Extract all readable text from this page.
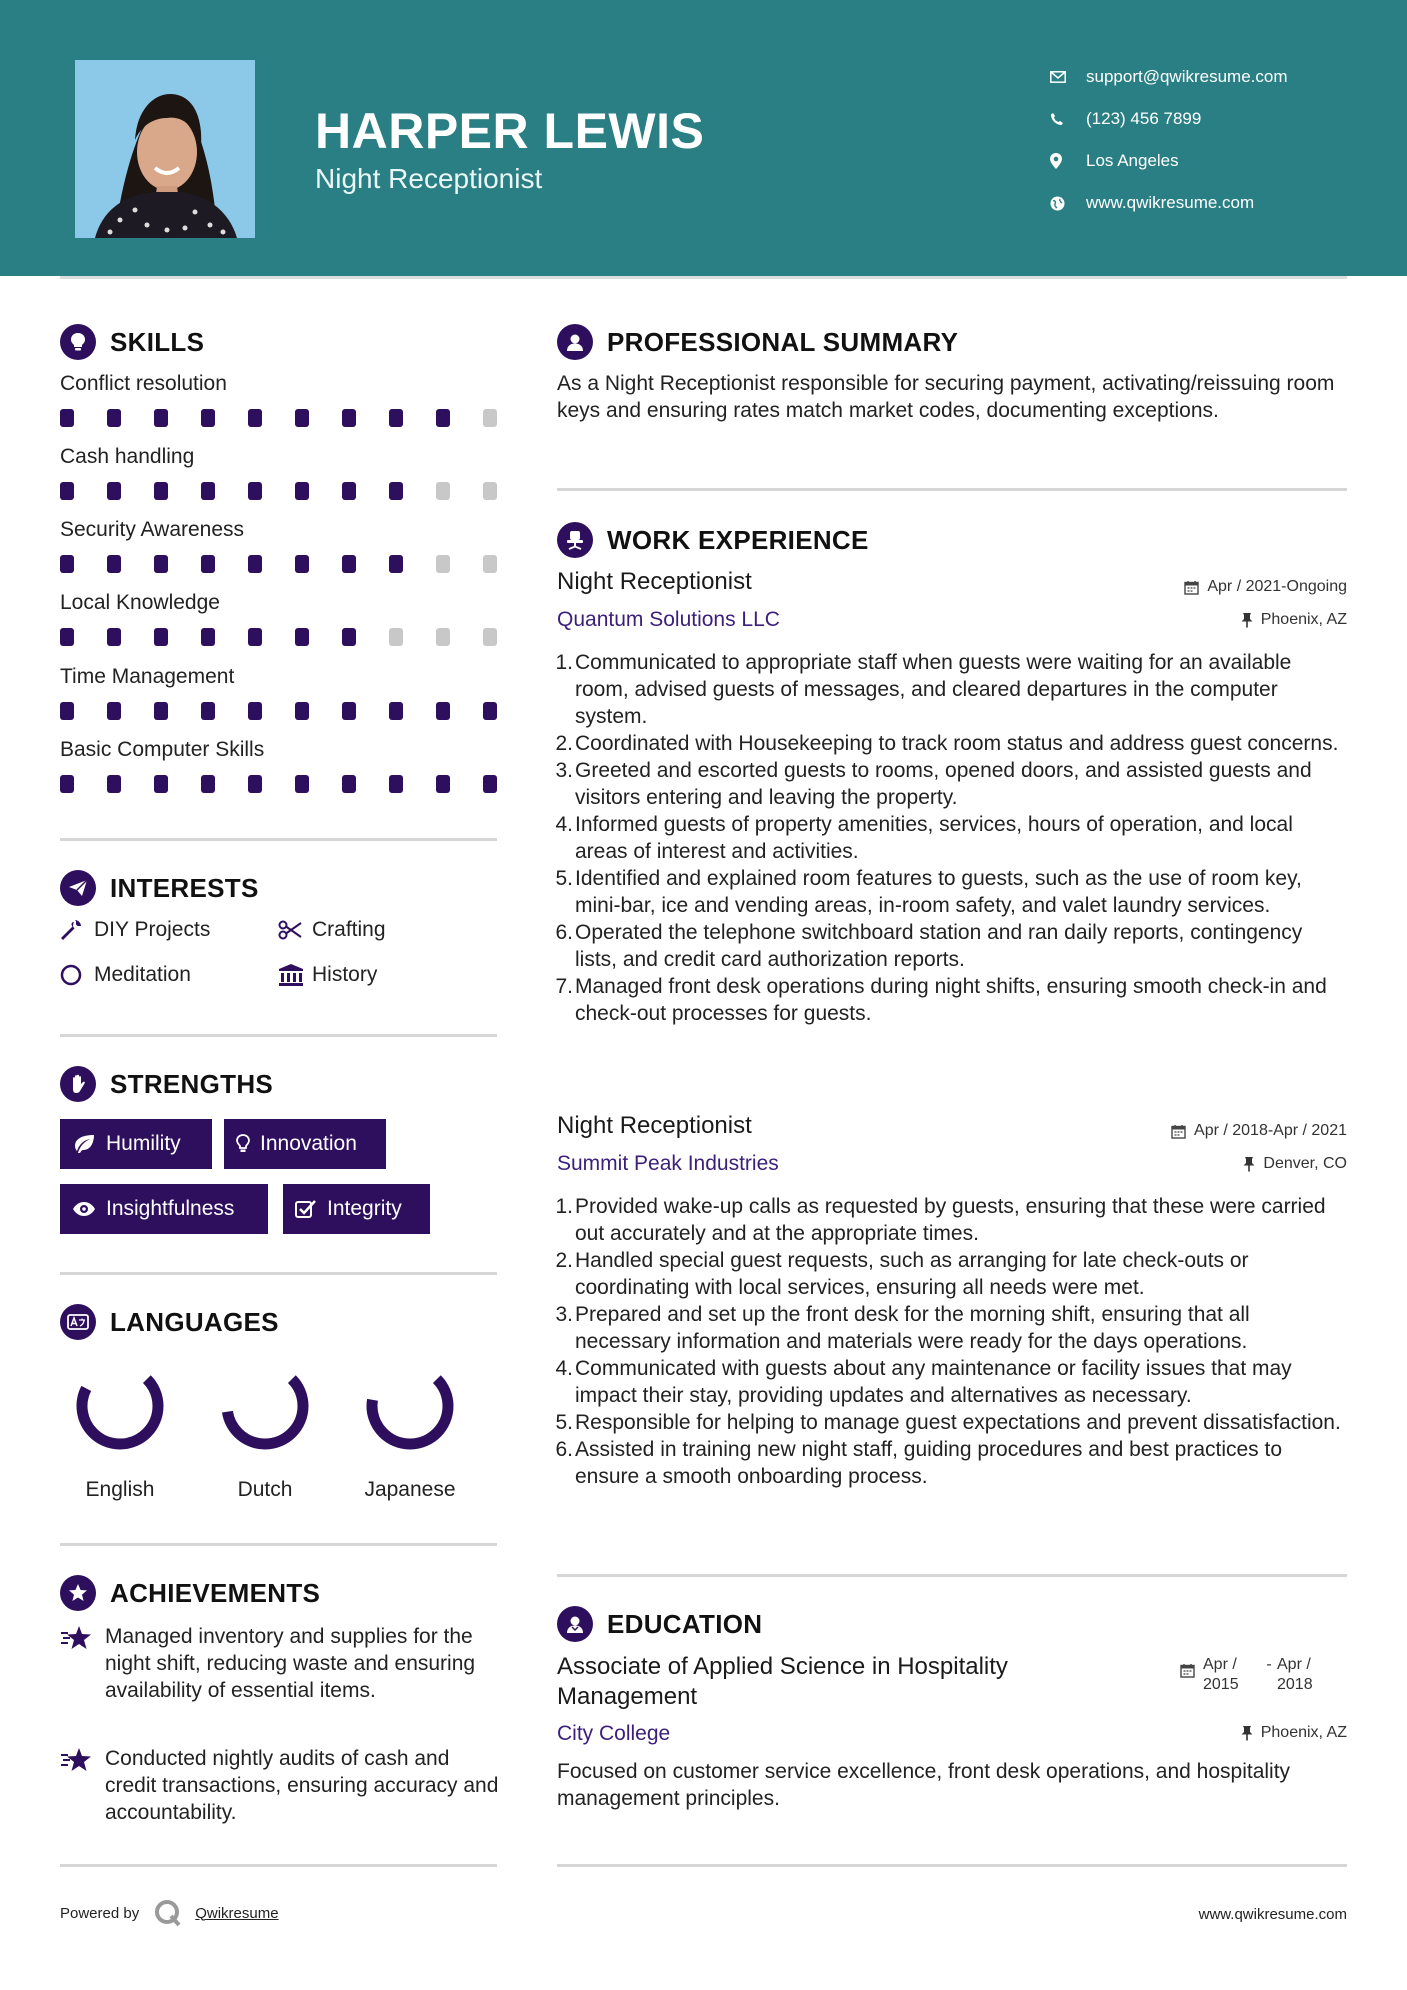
HARPER LEWIS
Night Receptionist
support@qwikresume.com
(123) 456 7899
Los Angeles
www.qwikresume.com
SKILLS
Conflict resolution
Cash handling
Security Awareness
Local Knowledge
Time Management
Basic Computer Skills
INTERESTS
DIY Projects	Crafting
Meditation	History
STRENGTHS
Humility	Innovation
Insightfulness	Integrity
LANGUAGES
English	Dutch	Japanese
ACHIEVEMENTS
Managed inventory and supplies for the night shift, reducing waste and ensuring availability of essential items.
Conducted nightly audits of cash and credit transactions, ensuring accuracy and accountability.
PROFESSIONAL SUMMARY
As a Night Receptionist responsible for securing payment, activating/reissuing room keys and ensuring rates match market codes, documenting exceptions.
WORK EXPERIENCE
Night Receptionist	Apr / 2021-Ongoing
Quantum Solutions LLC	Phoenix, AZ
1. Communicated to appropriate staff when guests were waiting for an available room, advised guests of messages, and cleared departures in the computer system.
2. Coordinated with Housekeeping to track room status and address guest concerns.
3. Greeted and escorted guests to rooms, opened doors, and assisted guests and visitors entering and leaving the property.
4. Informed guests of property amenities, services, hours of operation, and local areas of interest and activities.
5. Identified and explained room features to guests, such as the use of room key, mini-bar, ice and vending areas, in-room safety, and valet laundry services.
6. Operated the telephone switchboard station and ran daily reports, contingency lists, and credit card authorization reports.
7. Managed front desk operations during night shifts, ensuring smooth check-in and check-out processes for guests.
Night Receptionist	Apr / 2018-Apr / 2021
Summit Peak Industries	Denver, CO
1. Provided wake-up calls as requested by guests, ensuring that these were carried out accurately and at the appropriate times.
2. Handled special guest requests, such as arranging for late check-outs or coordinating with local services, ensuring all needs were met.
3. Prepared and set up the front desk for the morning shift, ensuring that all necessary information and materials were ready for the days operations.
4. Communicated with guests about any maintenance or facility issues that may impact their stay, providing updates and alternatives as necessary.
5. Responsible for helping to manage guest expectations and prevent dissatisfaction.
6. Assisted in training new night staff, guiding procedures and best practices to ensure a smooth onboarding process.
EDUCATION
Associate of Applied Science in Hospitality Management
Apr / 2015
- Apr / 2018
City College	Phoenix, AZ
Focused on customer service excellence, front desk operations, and hospitality management principles.
Powered by	Qwikresume	www.qwikresume.com
